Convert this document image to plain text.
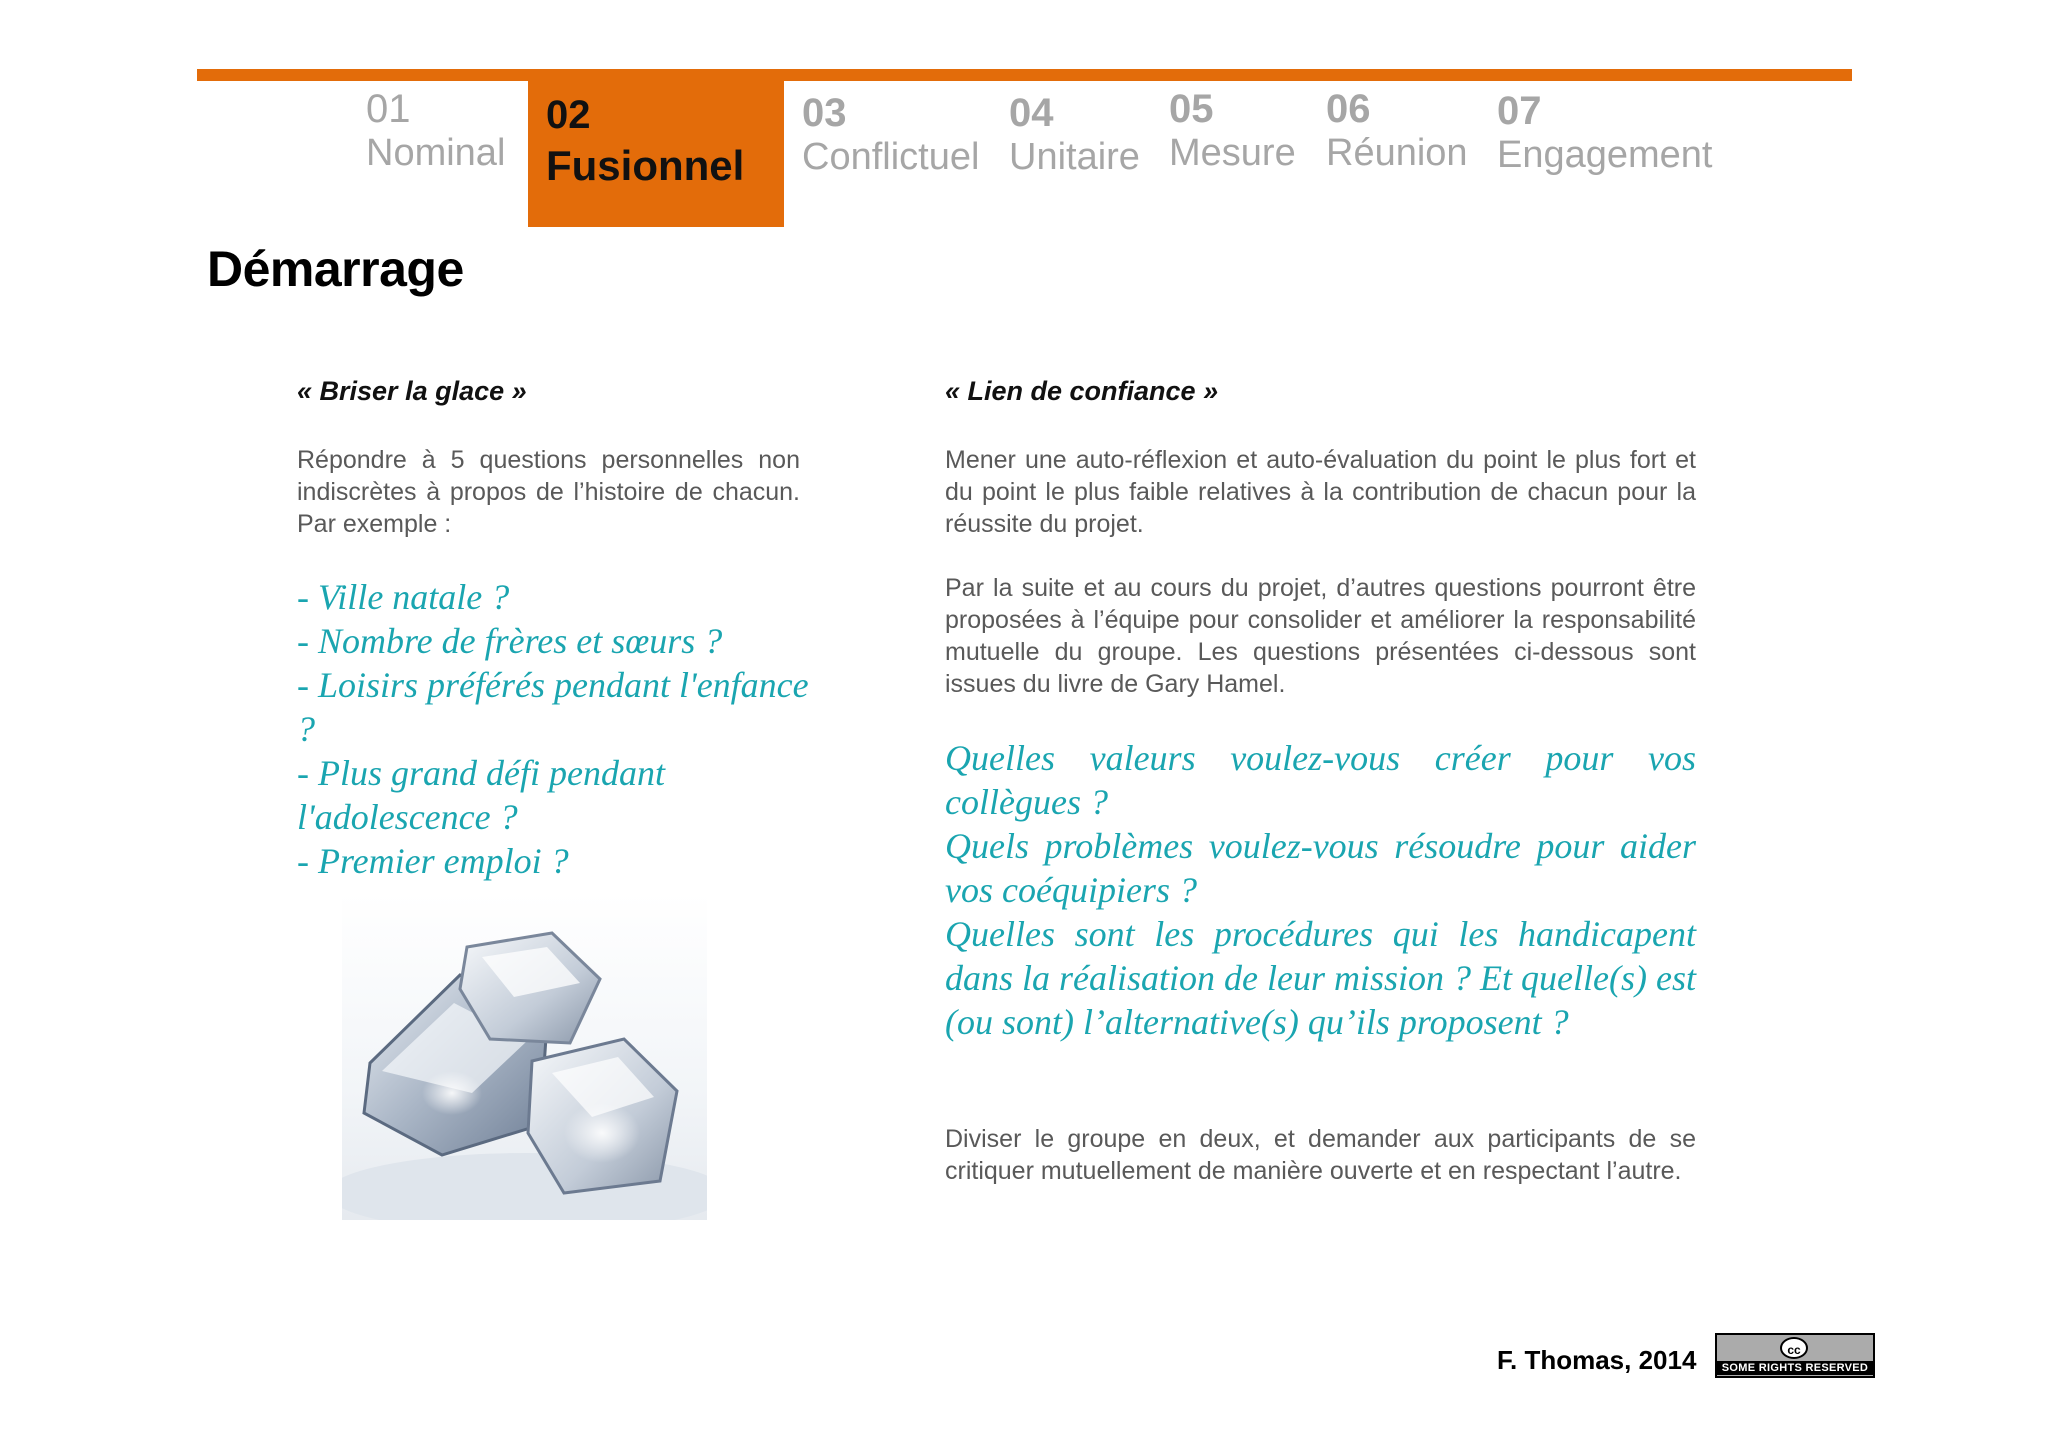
01
Nominal
02
Fusionnel
03
Conflictuel
04
Unitaire
05
Mesure
06
Réunion
07
Engagement
Démarrage

« Briser la glace »

Répondre à 5 questions personnelles non indiscrètes à propos de l’histoire de chacun. Par exemple :

- Ville natale ?
- Nombre de frères et sœurs ?
- Loisirs préférés pendant l'enfance ?
- Plus grand défi pendant l'adolescence ?
- Premier emploi ?

« Lien de confiance »

Mener une auto-réflexion et auto-évaluation du point le plus fort et du point le plus faible relatives à la contribution de chacun pour la réussite du projet.

Par la suite et au cours du projet, d’autres questions pourront être proposées à l’équipe pour consolider et améliorer la responsabilité mutuelle du groupe. Les questions présentées ci-dessous sont issues du livre de Gary Hamel.

Quelles valeurs voulez-vous créer pour vos collègues ?
Quels problèmes voulez-vous résoudre pour aider vos coéquipiers ?
Quelles sont les procédures qui les handicapent dans la réalisation de leur mission ? Et quelle(s) est (ou sont) l’alternative(s) qu’ils proposent ?

Diviser le groupe en deux, et demander aux participants de se critiquer mutuellement de manière ouverte et en respectant l’autre.

F. Thomas, 2014	cc
SOME RIGHTS RESERVED
